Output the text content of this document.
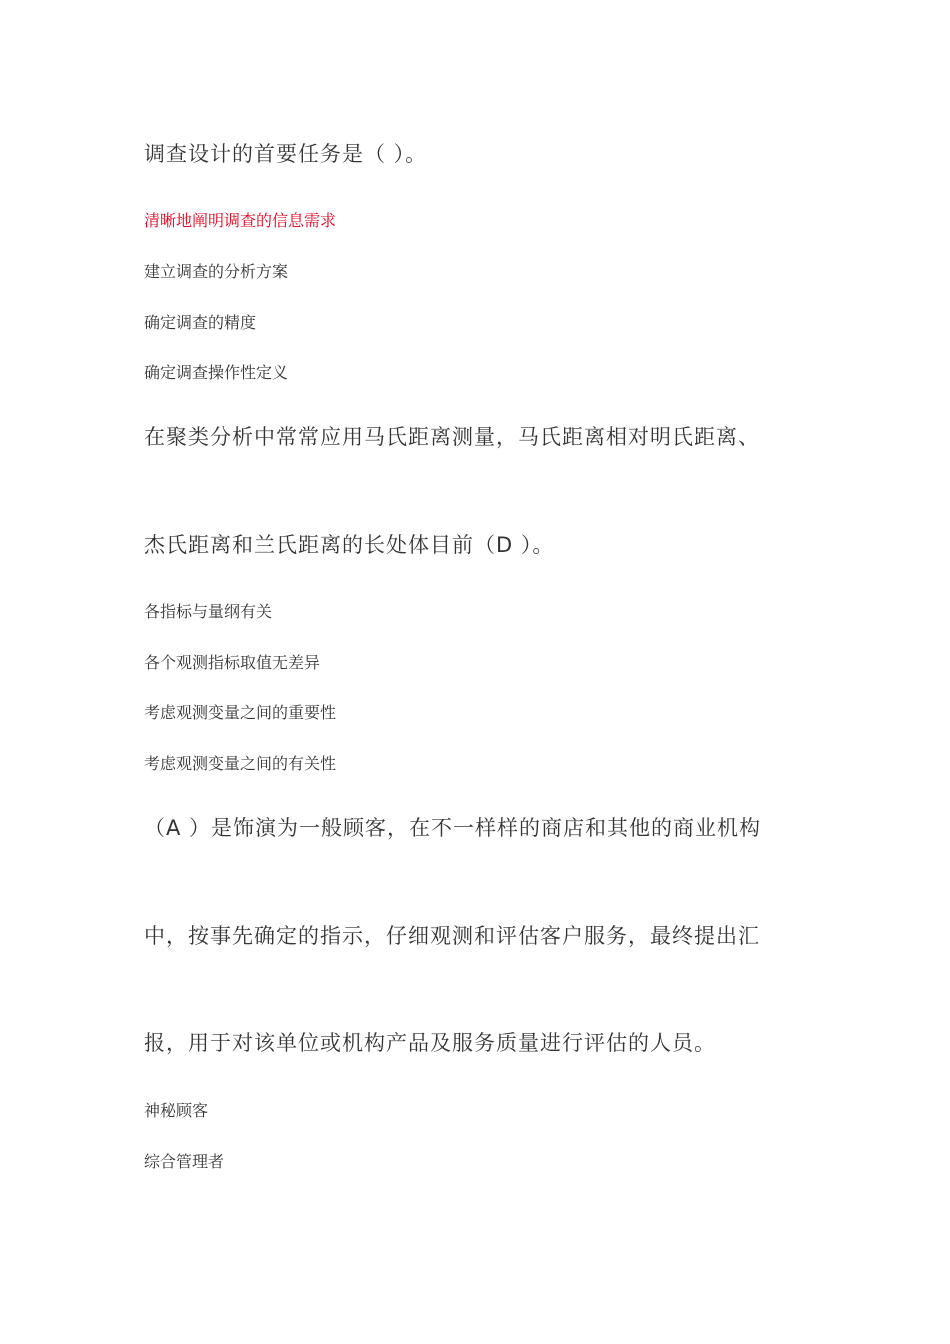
调查设计的首要任务是（ ）。
清晰地阐明调查的信息需求
建立调查的分析方案
确定调查的精度
确定调查操作性定义
在聚类分析中常常应用马氏距离测量，马氏距离相对明氏距离、
杰氏距离和兰氏距离的长处体目前（D ）。
各指标与量纲有关
各个观测指标取值无差异
考虑观测变量之间的重要性
考虑观测变量之间的有关性
（A ）是饰演为一般顾客，在不一样样的商店和其他的商业机构
中，按事先确定的指示，仔细观测和评估客户服务，最终提出汇
报，用于对该单位或机构产品及服务质量进行评估的人员。
神秘顾客
综合管理者
